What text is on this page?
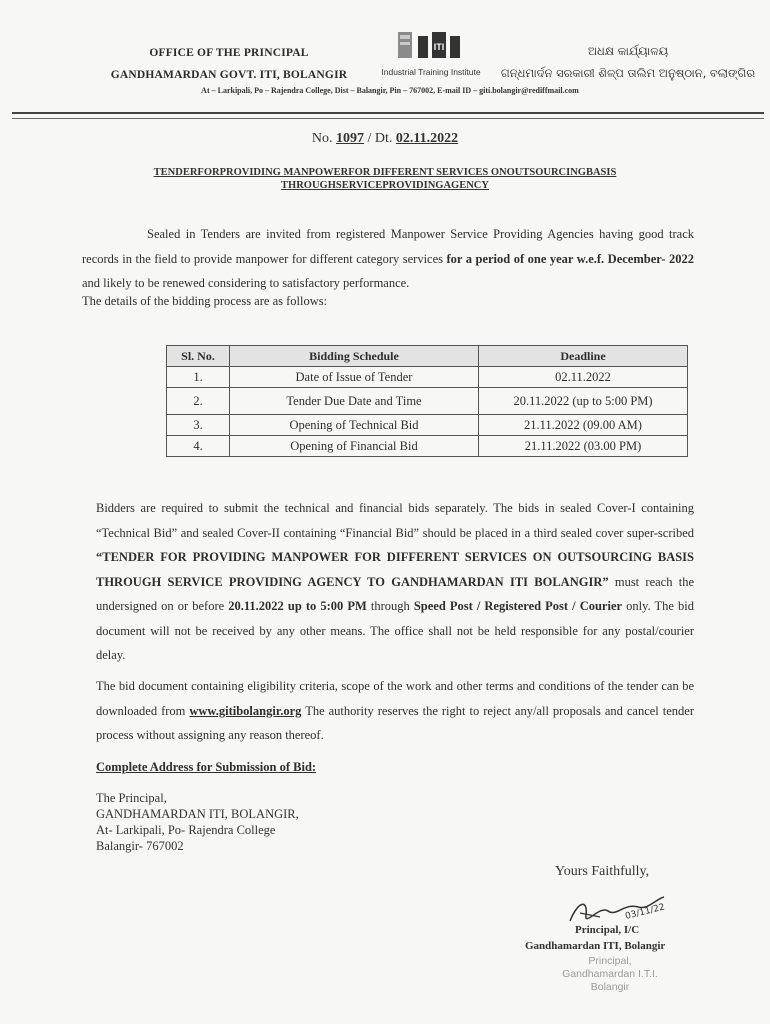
OFFICE OF THE PRINCIPAL
GANDHAMARDAN GOVT. ITI, BOLANGIR
ITI
Industrial Training Institute
ଅଧକ୍ଷ କାର୍ଯ୍ୟାଳୟ
ଗନ୍ଧମାର୍ଦନ ସରକାରୀ ଶିଳ୍ପ ତାଲିମ ଅନୁଷ୍ଠାନ, ବଲାଙ୍ଗିର
At – Larkipali, Po – Rajendra College, Dist – Balangir, Pin – 767002, E-mail ID – giti.bolangir@rediffmail.com
No. 1097 / Dt. 02.11.2022
TENDERFORPROVIDING MANPOWERFOR DIFFERENT SERVICES ONOUTSOURCINGBASIS
THROUGHSERVICEPROVIDINGAGENCY
Sealed in Tenders are invited from registered Manpower Service Providing Agencies having good track records in the field to provide manpower for different category services for a period of one year w.e.f. December- 2022 and likely to be renewed considering to satisfactory performance.
The details of the bidding process are as follows:
Sl. No.	Bidding Schedule	Deadline
1.	Date of Issue of Tender	02.11.2022
2.	Tender Due Date and Time	20.11.2022 (up to 5:00 PM)
3.	Opening of Technical Bid	21.11.2022 (09.00 AM)
4.	Opening of Financial Bid	21.11.2022 (03.00 PM)
Bidders are required to submit the technical and financial bids separately. The bids in sealed Cover-I containing “Technical Bid” and sealed Cover-II containing “Financial Bid” should be placed in a third sealed cover super-scribed “TENDER FOR PROVIDING MANPOWER FOR DIFFERENT SERVICES ON OUTSOURCING BASIS THROUGH SERVICE PROVIDING AGENCY TO GANDHAMARDAN ITI BOLANGIR” must reach the undersigned on or before 20.11.2022 up to 5:00 PM through Speed Post / Registered Post / Courier only. The bid document will not be received by any other means. The office shall not be held responsible for any postal/courier delay.
The bid document containing eligibility criteria, scope of the work and other terms and conditions of the tender can be downloaded from www.gitibolangir.org The authority reserves the right to reject any/all proposals and cancel tender process without assigning any reason thereof.
Complete Address for Submission of Bid:
The Principal,
GANDHAMARDAN ITI, BOLANGIR,
At- Larkipali, Po- Rajendra College
Balangir- 767002
Yours Faithfully,
03/11/22
Principal, I/C
Gandhamardan ITI, Bolangir
Principal,
Gandhamardan I.T.I.
Bolangir
